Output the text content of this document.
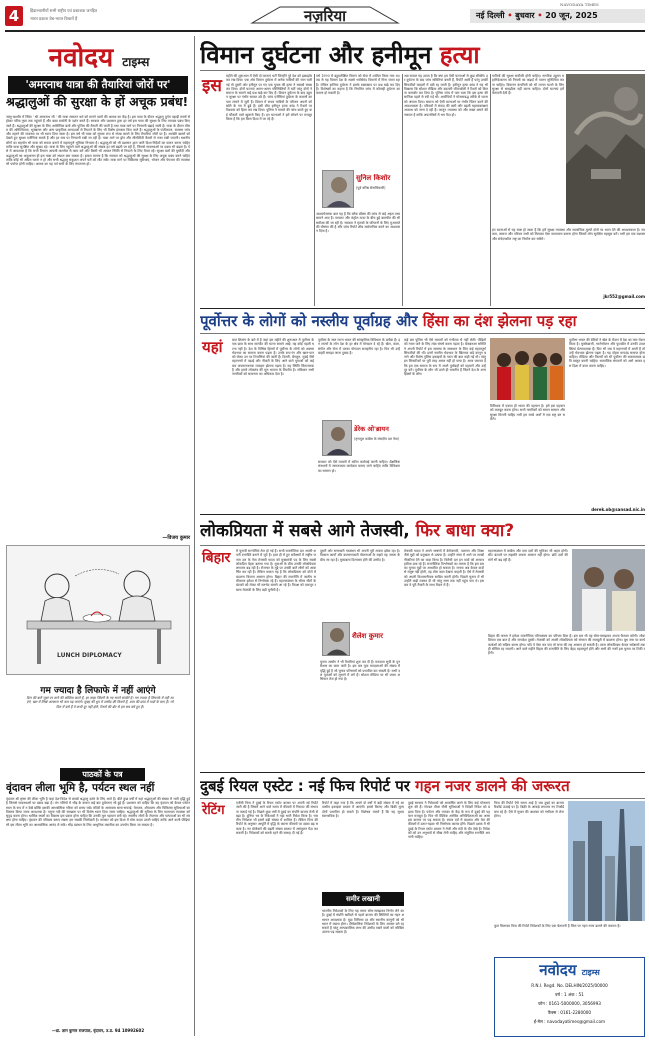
4	हिंदाल्थानीयों सभी राष्ट्रीय एवं प्रकाशक जनहित
भारत प्रकाश वेब-भारत विचारों हैं	नज़रिया
NAVODAYA TIMES
नई दिल्ली • बुधवार • 20 जून, 2025
नवोदय टाइम्स
'अमरनाथ यात्रा की तैयारियां जोरों पर'
श्रद्धालुओं की सुरक्षा के हों अचूक प्रबंध!
जम्मू-कश्मीर में स्थित ' श्री अमरनाथ जी ' की यात्रा सनातन धर्म को मानने वालों की आस्था का केंद्र है। इस यात्रा के दौरान श्रद्धालु दुर्गम पहाड़ी रास्तों से होकर पवित्र गुफा तक पहुंचते हैं और बाबा बर्फानी के दर्शन करते हैं। सरकार और प्रशासन द्वारा हर वर्ष इस यात्रा की सुरक्षा के लिए व्यापक प्रबंध किए जाते हैं। श्रद्धालुओं की सुरक्षा के लिए अर्धसैनिक बलों और पुलिस की तैनाती की जाती है तथा यात्रा मार्ग पर निगरानी बढ़ाई जाती है। यात्रा के दौरान मौसम की अनिश्चितता, भूस्खलन और अन्य प्राकृतिक आपदाओं से निपटने के लिए भी विशेष इंतजाम किए जाते हैं। श्रद्धालुओं के पंजीकरण, स्वास्थ्य जांच और ठहरने की व्यवस्था पर भी ध्यान दिया जाता है। इस वर्ष भी यात्रा को सुचारु रूप से संपन्न कराने के लिए तैयारियां जोरों पर हैं। आतंकी खतरों को देखते हुए सुरक्षा एजेंसियां सतर्क हैं और हर स्तर पर निगरानी रखी जा रही है। यात्रा मार्ग पर ड्रोन और सीसीटीवी कैमरों से नजर रखी जाएगी। स्थानीय लोगों का सहयोग भी यात्रा को सफल बनाने में महत्वपूर्ण भूमिका निभाता है। श्रद्धालुओं को भी प्रशासन द्वारा जारी दिशा-निर्देशों का पालन करना चाहिए ताकि यात्रा सुरक्षित और सुखद रहे। यात्रा के लिए पहुंचने वाले श्रद्धालुओं की संख्या हर वर्ष बढ़ती जा रही है, जिससे व्यवस्थाओं पर दबाव भी बढ़ता है। ऐसे में आवश्यक है कि सभी विभाग आपसी तालमेल से काम करें और किसी भी आपात स्थिति से निपटने के लिए तैयार रहें। सुरक्षा बलों की मुस्तैदी और श्रद्धालुओं का अनुशासन ही इस यात्रा को सफल बना सकता है। हमारा मानना है कि सरकार को श्रद्धालुओं की सुरक्षा के लिए अचूक प्रबंध करने चाहिएं ताकि कोई भी अप्रिय घटना न हो और सभी श्रद्धालु सकुशल अपने घरों को लौट सकें। यात्रा मार्ग पर चिकित्सा सुविधाएं, भोजन और पेयजल की व्यवस्था भी पर्याप्त होनी चाहिए। आस्था का यह पर्व सभी के लिए मंगलमय हो।
—विजय कुमार
LUNCH DIPLOMACY
गम ज्यादा है लिफाफे में नहीं आएंगे
दिल की बातें जुबां पर लाने की कोशिश करते हैं, हर लम्हा जिंदगी के नए सपने संजोते हैं। गम ज्यादा है लिफाफे में नहीं आएंगे, खत में लिखे अल्फाज भी कम पड़ जाएंगे। सुबह की धूप में उम्मीद की किरणें हैं, शाम की छांव में यादों के साए हैं। जो दिल में बसे हैं वे कभी दूर नहीं होते, रिश्तों की डोर से हम सब बंधे हुए हैं।
पाठकों के पत्र
वृंदावन लीला भूमि है, पर्यटन स्थल नहीं
वृंदावन श्री कृष्ण की लीला भूमि है जहां देश-विदेश से लाखों श्रद्धालु दर्शन के लिए आते हैं। बीते कुछ वर्षों में यहां श्रद्धालुओं की संख्या में भारी वृद्धि हुई है जिससे व्यवस्थाओं पर दबाव बढ़ा है। तंग गलियों में भीड़ के कारण कई बार दुर्घटनाएं भी हुई हैं। प्रशासन को चाहिए कि वह वृंदावन को केवल पर्यटन स्थल के रूप में न देखे बल्कि इसकी आध्यात्मिक गरिमा को बनाए रखे। मंदिरों के आसपास साफ-सफाई, पेयजल, शौचालय और चिकित्सा सुविधाओं का विस्तार किया जाना आवश्यक है। यमुना नदी की स्वच्छता पर भी विशेष ध्यान दिया जाना चाहिए। श्रद्धालुओं की सुविधा के लिए यातायात व्यवस्था को सुदृढ़ करना होगा। धार्मिक स्थलों का विकास इस प्रकार होना चाहिए कि उनकी मूल पहचान बनी रहे। स्थानीय लोगों के रोजगार और परंपराओं का भी संरक्षण होना चाहिए। वृंदावन की पवित्रता बनाए रखना हम सबकी जिम्मेदारी है। सरकार को इस दिशा में ठोस कदम उठाने चाहिएं ताकि आने वाली पीढ़ियां भी इस लीला भूमि का आध्यात्मिक आनंद ले सकें। भीड़ प्रबंधन के लिए आधुनिक तकनीक का उपयोग किया जा सकता है।
—डा. ज्ञान कुमार राजपाल, वृंदावन, उ.प्र. 94 10992602
विमान दुर्घटना और हनीमून हत्या
इस महीने की शुरूआत में ऐसी दो घटनाएं घटीं जिन्होंने पूरे देश को झकझोर कर रख दिया। एक ओर विमान दुर्घटना में अनेक यात्रियों की जान चली गई तो दूसरी ओर हनीमून पर गए एक युवक की हत्या ने सबको स्तब्ध कर दिया। दोनों घटनाएं अलग-अलग परिस्थितियों में घटीं परंतु दोनों ने समाज के सामने कई प्रश्न खड़े कर दिए हैं। विमान दुर्घटना के बाद उड्डयन सुरक्षा पर गंभीर सवाल उठे हैं। जांच एजेंसियां दुर्घटना के कारणों का पता लगाने में जुटी हैं। विमान में सवार यात्रियों के परिजन अपनों को खोने के गम में डूबे हैं। इसी बीच हनीमून हत्या कांड ने रिश्तों पर विश्वास को हिला कर रख दिया। पुलिस ने मामले की जांच करते हुए कई चौंकाने वाले खुलासे किए हैं। इन घटनाओं ने हमें सोचने पर मजबूर किया है कि हम किस दिशा में जा रहे हैं।
वर्ष 1990 में बहुप्रतीक्षित विमान को सेवा में शामिल किया गया था। तब से यह विमान देश के सबसे भरोसेमंद विमानों में गिना जाता रहा है। लेकिन हालिया दुर्घटना ने इसके रखरखाव पर प्रश्न खड़े कर दिए हैं। विशेषज्ञों का कहना है कि नियमित जांच में कोताही दुर्घटना का कारण हो सकती है।
सुनिल किशोर
(पूर्व वरिष्ठ सेनाधिकारी)
आश्चर्यजनक बात यह है कि ब्लैक बॉक्स की जांच से कई अहम तथ्य सामने आए हैं। पायलट और कंट्रोल टावर के बीच हुई बातचीत की भी समीक्षा की जा रही है। सरकार ने मृतकों के परिजनों के लिए मुआवजे की घोषणा की है और जांच रिपोर्ट शीघ्र सार्वजनिक करने का आश्वासन दिया है।
अब सवाल यह उठता है कि क्या हम ऐसी घटनाओं से कुछ सीखेंगे। हर दुर्घटना के बाद जांच समितियां बनती हैं, रिपोर्टें आती हैं परंतु उनकी सिफारिशें फाइलों में दबी रह जाती हैं। हनीमून हत्या कांड ने यह भी दिखाया कि सोशल मीडिया और बदलती जीवनशैली ने रिश्तों को कितना कमजोर कर दिया है। पुलिस जांच में पता चला कि इस हत्या की साजिश पहले से रची गई थी। आरोपियों ने योजनाबद्ध तरीके से घटना को अंजाम दिया। समाज को ऐसी घटनाओं पर गंभीर चिंतन करने की आवश्यकता है। परिवारों में संवाद की कमी और बढ़ती महत्वाकांक्षाएं अपराध को जन्म दे रही हैं। कानून व्यवस्था को और सख्त बनाने की जरूरत है ताकि अपराधियों में भय पैदा हो।
यात्रियों की सुरक्षा सर्वोपरि होनी चाहिए। नागरिक उड्डयन महानिदेशालय को नियमों का कड़ाई से पालन सुनिश्चित करना चाहिए। विमानन कंपनियों को भी लागत घटाने के लिए सुरक्षा से समझौता नहीं करना चाहिए। दोनों घटनाएं हमें चेतावनी देती हैं।
इन घटनाओं से यह स्पष्ट हो जाता है कि हमें सुरक्षा व्यवस्था और सामाजिक मूल्यों दोनों पर ध्यान देने की आवश्यकता है। सरकार, समाज और परिवार सभी को मिलकर ऐसा वातावरण बनाना होगा जिसमें लोग सुरक्षित महसूस करें। तभी हम एक सशक्त और संवेदनशील राष्ट्र का निर्माण कर सकेंगे।
jkr552@gmail.com
पूर्वोत्तर के लोगों को नस्लीय पूर्वाग्रह और हिंसा का दंश झेलना पड़ रहा
यहां	बात शिलांग के बारे में है जहां इस महीने की शुरूआत में पूर्वोत्तर के एक छात्र के साथ मारपीट की घटना सामने आई। यह कोई पहली घटना नहीं है। देश के विभिन्न हिस्सों में पूर्वोत्तर के लोगों को अक्सर भेदभाव का सामना करना पड़ता है। उनके रूप-रंग और खान-पान को लेकर उन पर टिप्पणियां की जाती हैं। दिल्ली, बेंगलुरु, मुंबई जैसे महानगरों में पढ़ाई और नौकरी के लिए आने वाले युवाओं को कई बार अपमानजनक व्यवहार झेलना पड़ता है। यह स्थिति चिंताजनक है और हमारे लोकतंत्र की मूल भावना के विपरीत है। संविधान सभी नागरिकों को समानता का अधिकार देता है।
पूर्वोत्तर के सात राज्य भारत की सांस्कृतिक विविधता के प्रतीक हैं। इन राज्यों के लोग देश के हर क्षेत्र में योगदान दे रहे हैं। खेल, कला, संगीत और सेना में उनका योगदान सराहनीय रहा है। फिर भी उन्हें बाहरी समझा जाना दुखद है।
डेरेक ओ'ब्रायन
(तृणमूल कांग्रेस के संसदीय दल नेता)
सरकार को ऐसे मामलों में त्वरित कार्रवाई करनी चाहिए। शैक्षणिक संस्थानों में जागरूकता कार्यक्रम चलाए जाने चाहिएं ताकि विविधता का सम्मान हो।
कई बार पुलिस भी ऐसे मामलों को गंभीरता से नहीं लेती। पीड़ितों को न्याय पाने के लिए लंबा संघर्ष करना पड़ता है। बेजबरुआ समिति ने अपनी रिपोर्ट में इस समस्या के समाधान के लिए कई महत्वपूर्ण सिफारिशें की थीं। इनमें नस्लीय भेदभाव के खिलाफ कड़े कानून बनाने और विशेष पुलिस इकाइयों के गठन की बात कही गई थी। परंतु इन सिफारिशों पर पूरी तरह अमल नहीं हो पाया है। आज जरूरत है कि हम एक समाज के रूप में अपने पूर्वाग्रहों को पहचानें और उन्हें दूर करें। पूर्वोत्तर के लोग भी उतने ही भारतीय हैं जितने देश के अन्य हिस्सों के लोग।
विविधता में एकता ही भारत की पहचान है। हमें इस पहचान को मजबूत करना होगा। सभी नागरिकों को समान सम्मान और सुरक्षा मिलनी चाहिए तभी हम सच्चे अर्थों में एक राष्ट्र बन सकेंगे।
पूर्वोत्तर भारत की बेटियों ने खेल के मैदान में देश का नाम रोशन किया है। मुक्केबाजी, भारोत्तोलन और फुटबॉल में उनकी उपलब्धियां प्रेरणादायक हैं। फिर भी जब वे महानगरों में आती हैं तो उन्हें भेदभाव झेलना पड़ता है। यह दोहरा मापदंड समाप्त होना चाहिए। मीडिया और फिल्मों को भी पूर्वोत्तर की सकारात्मक छवि प्रस्तुत करनी चाहिए। सामाजिक संगठनों को आगे आकर इस दिशा में काम करना चाहिए।
derek.ob@sansad.nic.in
लोकप्रियता में सबसे आगे तेजस्वी, फिर बाधा क्या?
बिहार में चुनावी सरगर्मियां तेज हो गई हैं। सभी राजनीतिक दल अपनी-अपनी रणनीति बनाने में जुटे हैं। हाल ही में हुए सर्वेक्षणों में राष्ट्रीय जनता दल के नेता तेजस्वी यादव को मुख्यमंत्री पद के लिए सबसे लोकप्रिय चेहरा बताया गया है। युवाओं के बीच उनकी लोकप्रियता लगातार बढ़ रही है। रोजगार के मुद्दे पर उनकी बातें लोगों को आकर्षित कर रही हैं। लेकिन सवाल यह है कि लोकप्रियता को वोटों में बदलना कितना आसान होगा। बिहार की राजनीति में जातीय समीकरण हमेशा से निर्णायक रहे हैं। महागठबंधन के भीतर सीटों के बंटवारे को लेकर भी मतभेद सामने आ रहे हैं। विपक्ष को एकजुट रखना तेजस्वी के लिए बड़ी चुनौती है।
दूसरी ओर सत्ताधारी गठबंधन भी अपनी पूरी ताकत झोंक रहा है। विकास कार्यों और कल्याणकारी योजनाओं के सहारे वह जनता के बीच जा रहा है। मुकाबला दिलचस्प होने की उम्मीद है।
शैलेश कुमार
चुनाव आयोग ने भी तैयारियां शुरू कर दी हैं। मतदाता सूची के पुनरीक्षण का काम जारी है। इस बार युवा मतदाताओं की संख्या में वृद्धि हुई है जो चुनाव परिणामों को प्रभावित कर सकती है। सभी दल युवाओं को लुभाने में लगे हैं। सोशल मीडिया पर भी प्रचार अभियान तेज हो गया है।
तेजस्वी यादव ने अपने भाषणों में बेरोजगारी, पलायन और शिक्षा जैसे मुद्दों को प्रमुखता से उठाया है। उन्होंने सत्ता में आने पर लाखों नौकरियां देने का वादा किया है। विरोधी दल इन वादों को अव्यावहारिक बता रहे हैं। राजनीतिक विश्लेषकों का मानना है कि इस बार का चुनाव मुद्दों पर आधारित हो सकता है। जनता अब केवल वादों से संतुष्ट नहीं होती, वह ठोस काम देखना चाहती है। ऐसे में तेजस्वी को अपनी विश्वसनीयता साबित करनी होगी। पिछले चुनाव में भी उन्होंने कड़ी टक्कर दी थी परंतु सत्ता तक नहीं पहुंच पाए थे। इस बार वे पूरी तैयारी के साथ मैदान में हैं।
महागठबंधन में कांग्रेस और वाम दलों की भूमिका भी अहम होगी। सीट बंटवारे पर सहमति बनाना आसान नहीं होगा। छोटे दलों की मांगें भी बढ़ रही हैं।
बिहार की जनता ने हमेशा राजनीतिक परिपक्वता का परिचय दिया है। इस बार भी वह सोच-समझकर अपना फैसला करेगी। लोकप्रियता एक बात है और जनादेश दूसरी। तेजस्वी को अपनी लोकप्रियता को संगठन की मजबूती में बदलना होगा। बूथ स्तर पर कार्यकर्ताओं को सक्रिय करना होगा। यदि वे ऐसा कर पाए तो सत्ता की राह आसान हो सकती है। वरना लोकप्रियता केवल सर्वेक्षणों तक ही सीमित रह जाएगी। आने वाले महीने बिहार की राजनीति के लिए बेहद महत्वपूर्ण होंगे और सभी की नजरें इस चुनाव पर टिकी रहेंगी।
दुबई रियल एस्टेट : नई फिच रिपोर्ट पर गहन नजर डालने की जरूरत
रेटिंग	एजेंसी फिच ने दुबई के रियल एस्टेट बाजार पर अपनी नई रिपोर्ट जारी की है जिसमें आने वाले समय में कीमतों में गिरावट की संभावना जताई गई है। पिछले कुछ वर्षों में दुबई का संपत्ति बाजार तेजी से बढ़ा है। दुनिया भर के निवेशकों ने यहां भारी निवेश किया है। भारतीय निवेशक भी इसमें बड़ी संख्या में शामिल हैं। लेकिन फिच की रिपोर्ट के अनुसार आपूर्ति में वृद्धि के कारण कीमतों पर दबाव बढ़ सकता है। नए प्रोजेक्टों की बढ़ती संख्या बाजार में असंतुलन पैदा कर सकती है। निवेशकों को सतर्क रहने की सलाह दी गई है।
रिपोर्ट में कहा गया है कि अगले दो वर्षों में बड़ी संख्या में नई आवासीय इकाइयां बाजार में आएंगी। इससे किराए और बिक्री मूल्य दोनों प्रभावित हो सकते हैं। विशेषज्ञ मानते हैं कि यह सुधार स्वाभाविक है।
समीर लखानी
भारतीय निवेशकों के लिए यह समय सोच-समझकर निर्णय लेने का है। दुबई में संपत्ति खरीदने से पहले बाजार की स्थितियों का गहन अध्ययन आवश्यक है। मुद्रा विनिमय दर और स्थानीय कानूनों को भी ध्यान में रखना होगा। दीर्घकालिक निवेशकों के लिए अवसर बने रह सकते हैं परंतु अल्पकालिक लाभ की उम्मीद रखने वालों को जोखिम उठाना पड़ सकता है।
दुबई सरकार ने निवेशकों को आकर्षित करने के लिए कई योजनाएं शुरू की हैं। गोल्डन वीजा जैसी सुविधाओं ने विदेशी निवेश को बढ़ावा दिया है। पर्यटन और व्यापार के केंद्र के रूप में दुबई की पहचान मजबूत है। फिर भी वैश्विक आर्थिक अनिश्चितताओं का असर इस बाजार पर पड़ सकता है। ब्याज दरों में बदलाव और तेल की कीमतों में उतार-चढ़ाव भी निर्णायक कारक होंगे। पिछले दशक में भी दुबई के रियल एस्टेट बाजार ने तेजी और मंदी के दौर देखे हैं। निवेशकों को उन अनुभवों से सीख लेनी चाहिए और संतुलित रणनीति अपनानी चाहिए।
फिच की रिपोर्ट ऐसे समय आई है जब दुबई का बाजार रिकॉर्ड ऊंचाई पर है। बिक्री के आंकड़े लगातार नए रिकॉर्ड बना रहे हैं। ऐसे में सुधार की आशंका को गंभीरता से लेना होगा।
कुल मिलाकर फिच की रिपोर्ट निवेशकों के लिए एक चेतावनी है जिस पर गहन नजर डालने की जरूरत है।
नवोदय टाइम्स
R.N.I. Regd. No. DELHIN/2025/00000
वर्ष : 1 अंक : 51
फोन : 0161-5000000, 3056993
फैक्स : 0161-2280000
ई-मेल : navodayatimes@gmail.com
